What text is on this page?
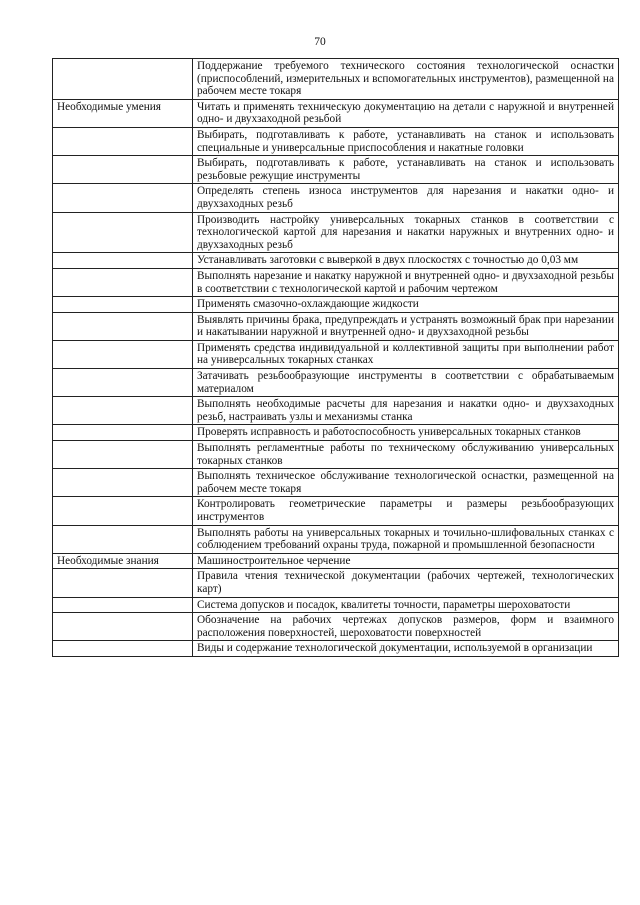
70
	Поддержание требуемого технического состояния технологической оснастки (приспособлений, измерительных и вспомогательных инструментов), размещенной на рабочем месте токаря
Необходимые умения	Читать и применять техническую документацию на детали с наружной и внутренней одно- и двухзаходной резьбой
	Выбирать, подготавливать к работе, устанавливать на станок и использовать специальные и универсальные приспособления и накатные головки
	Выбирать, подготавливать к работе, устанавливать на станок и использовать резьбовые режущие инструменты
	Определять степень износа инструментов для нарезания и накатки одно- и двухзаходных резьб
	Производить настройку универсальных токарных станков в соответствии с технологической картой для нарезания и накатки наружных и внутренних одно- и двухзаходных резьб
	Устанавливать заготовки с выверкой в двух плоскостях с точностью до 0,03 мм
	Выполнять нарезание и накатку наружной и внутренней одно- и двухзаходной резьбы в соответствии с технологической картой и рабочим чертежом
	Применять смазочно-охлаждающие жидкости
	Выявлять причины брака, предупреждать и устранять возможный брак при нарезании и накатывании наружной и внутренней одно- и двухзаходной резьбы
	Применять средства индивидуальной и коллективной защиты при выполнении работ на универсальных токарных станках
	Затачивать резьбообразующие инструменты в соответствии с обрабатываемым материалом
	Выполнять необходимые расчеты для нарезания и накатки одно- и двухзаходных резьб, настраивать узлы и механизмы станка
	Проверять исправность и работоспособность универсальных токарных станков
	Выполнять регламентные работы по техническому обслуживанию универсальных токарных станков
	Выполнять техническое обслуживание технологической оснастки, размещенной на рабочем месте токаря
	Контролировать геометрические параметры и размеры резьбообразующих инструментов
	Выполнять работы на универсальных токарных и точильно-шлифовальных станках с соблюдением требований охраны труда, пожарной и промышленной безопасности
Необходимые знания	Машиностроительное черчение
	Правила чтения технической документации (рабочих чертежей, технологических карт)
	Система допусков и посадок, квалитеты точности, параметры шероховатости
	Обозначение на рабочих чертежах допусков размеров, форм и взаимного расположения поверхностей, шероховатости поверхностей
	Виды и содержание технологической документации, используемой в организации
